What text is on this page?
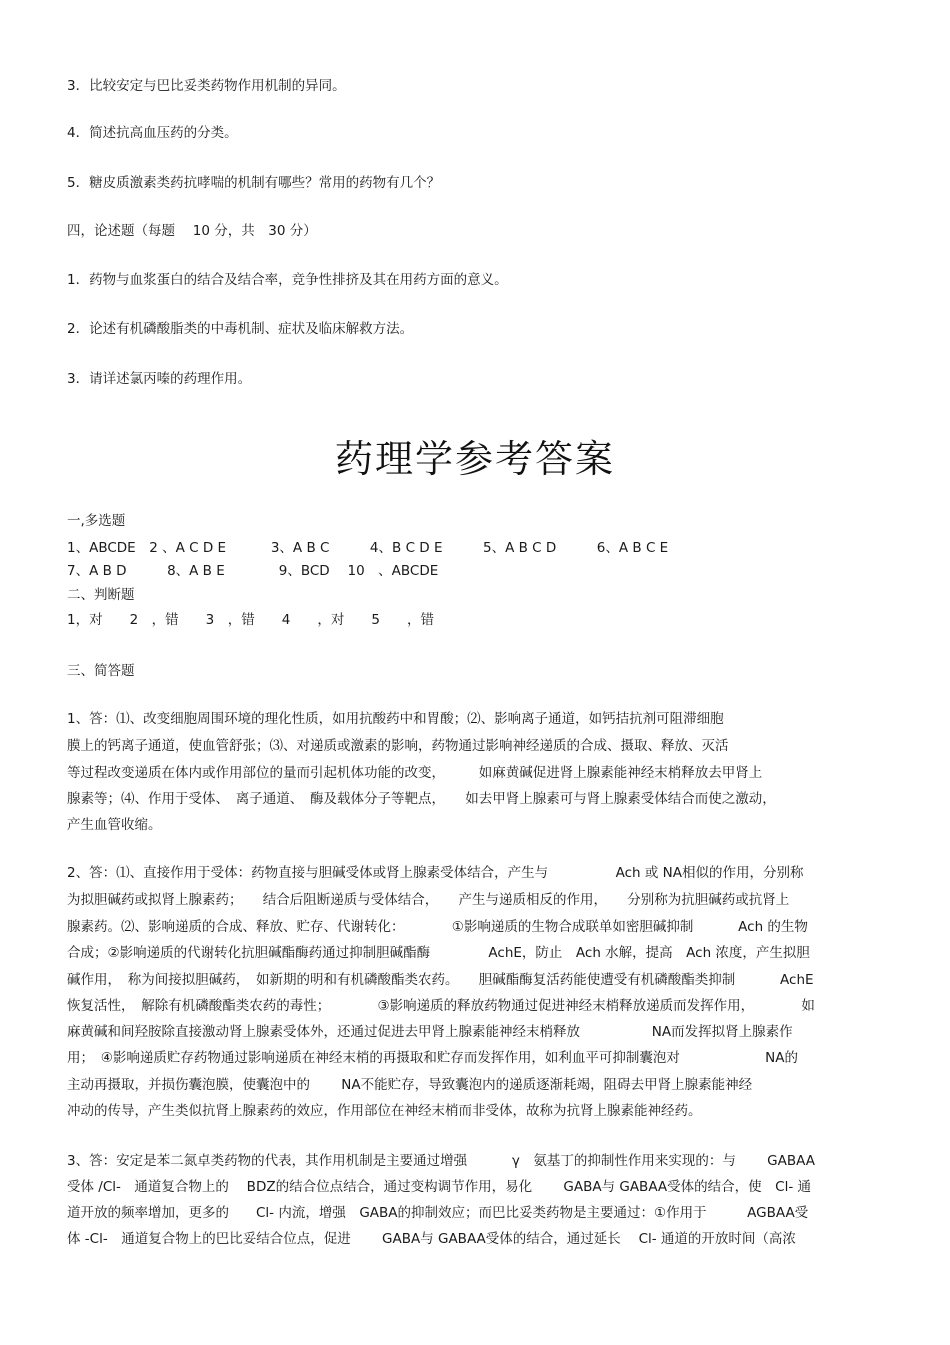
3．比较安定与巴比妥类药物作用机制的异同。
4．简述抗高血压药的分类。
5．糖皮质激素类药抗哮喘的机制有哪些？常用的药物有几个？
四，论述题（每题　 10 分，共　30 分）
1．药物与血浆蛋白的结合及结合率，竞争性排挤及其在用药方面的意义。
2．论述有机磷酸脂类的中毒机制、症状及临床解救方法。
3．请详述氯丙嗪的药理作用。
药理学参考答案
一,多选题
1、ABCDE　2 、A C D E　　　 3、A B C　　　4、B C D E　　　5、A B C D　　　6、A B C E
7、A B D　　　8、A B E　　　　9、BCD　 10　、ABCDE
二、判断题
1，对　　2　，错　　3　，错　　4　　，对　　5　　，错
三、简答题
1、答：⑴、改变细胞周围环境的理化性质，如用抗酸药中和胃酸；⑵、影响离子通道，如钙拮抗剂可阻滞细胞
膜上的钙离子通道，使血管舒张；⑶、对递质或激素的影响，药物通过影响神经递质的合成、摄取、释放、灭活
等过程改变递质在体内或作用部位的量而引起机体功能的改变，　　　如麻黄碱促进肾上腺素能神经末梢释放去甲肾上
腺素等；⑷、作用于受体、　离子通道、　酶及载体分子等靶点，　　如去甲肾上腺素可与肾上腺素受体结合而使之激动，
产生血管收缩。
2、答：⑴、直接作用于受体：药物直接与胆碱受体或肾上腺素受体结合，产生与　　　　　Ach 或 NA相似的作用，分别称
为拟胆碱药或拟肾上腺素药；　　结合后阻断递质与受体结合，　　产生与递质相反的作用，　　分别称为抗胆碱药或抗肾上
腺素药。⑵、影响递质的合成、释放、贮存、代谢转化：　　　　①影响递质的生物合成联单如密胆碱抑制　　　 Ach 的生物
合成；②影响递质的代谢转化抗胆碱酯酶药通过抑制胆碱酯酶　　　　 AchE，防止　Ach 水解，提高　Ach 浓度，产生拟胆
碱作用，　称为间接拟胆碱药，　如新期的明和有机磷酸酯类农药。　　胆碱酯酶复活药能使遭受有机磷酸酯类抑制　　　 AchE
恢复活性，　解除有机磷酸酯类农药的毒性；　　　　③影响递质的释放药物通过促进神经末梢释放递质而发挥作用，　　　　如
麻黄碱和间羟胺除直接激动肾上腺素受体外，还通过促进去甲肾上腺素能神经末梢释放　　　　　 NA而发挥拟肾上腺素作
用；　④影响递质贮存药物通过影响递质在神经末梢的再摄取和贮存而发挥作用，如利血平可抑制囊泡对　　　　　　 NA的
主动再摄取，并损伤囊泡膜，使囊泡中的　　 NA不能贮存，导致囊泡内的递质逐渐耗竭，阻碍去甲肾上腺素能神经
冲动的传导，产生类似抗肾上腺素药的效应，作用部位在神经末梢而非受体，故称为抗肾上腺素能神经药。
3、答：安定是苯二氮卓类药物的代表，其作用机制是主要通过增强　　　 γ　氨基丁的抑制性作用来实现的：与　　 GABAA
受体 /Cl-　通道复合物上的　 BDZ的结合位点结合，通过变构调节作用，易化　　 GABA与 GABAA受体的结合，使　Cl- 通
道开放的频率增加，更多的　　Cl- 内流，增强　GABA的抑制效应；而巴比妥类药物是主要通过：①作用于　　　AGBAA受
体 -Cl-　通道复合物上的巴比妥结合位点，促进　　 GABA与 GABAA受体的结合，通过延长　 Cl- 通道的开放时间（高浓
